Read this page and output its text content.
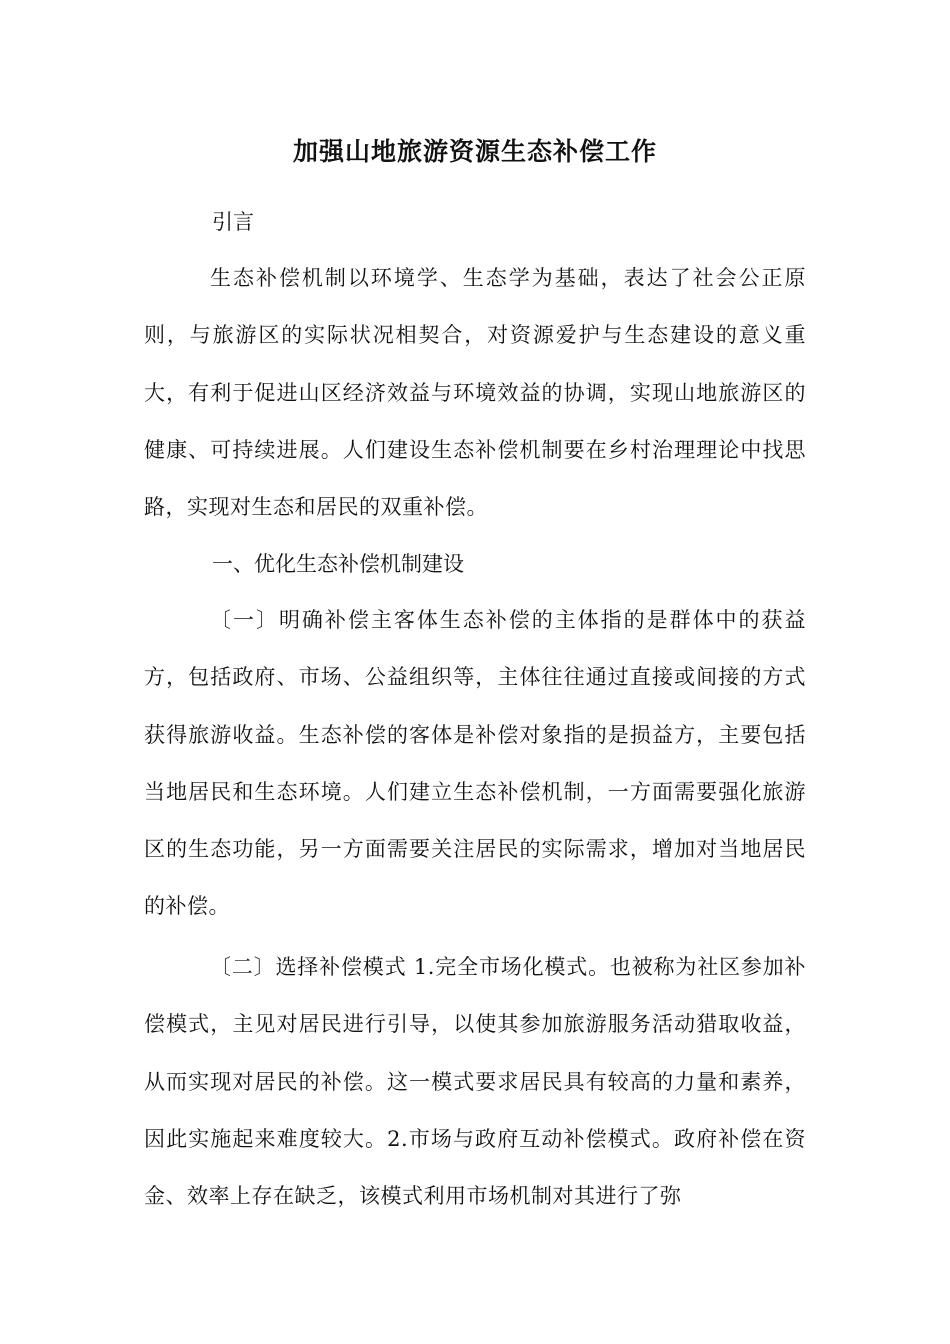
加强山地旅游资源生态补偿工作
引言
生态补偿机制以环境学、生态学为基础，表达了社会公正原则，与旅游区的实际状况相契合，对资源爱护与生态建设的意义重大，有利于促进山区经济效益与环境效益的协调，实现山地旅游区的健康、可持续进展。人们建设生态补偿机制要在乡村治理理论中找思路，实现对生态和居民的双重补偿。
一、优化生态补偿机制建设
〔一〕明确补偿主客体生态补偿的主体指的是群体中的获益方，包括政府、市场、公益组织等，主体往往通过直接或间接的方式获得旅游收益。生态补偿的客体是补偿对象指的是损益方，主要包括当地居民和生态环境。人们建立生态补偿机制，一方面需要强化旅游区的生态功能，另一方面需要关注居民的实际需求，增加对当地居民的补偿。
〔二〕选择补偿模式 1.完全市场化模式。也被称为社区参加补偿模式，主见对居民进行引导，以使其参加旅游服务活动猎取收益，从而实现对居民的补偿。这一模式要求居民具有较高的力量和素养，因此实施起来难度较大。2.市场与政府互动补偿模式。政府补偿在资金、效率上存在缺乏，该模式利用市场机制对其进行了弥
